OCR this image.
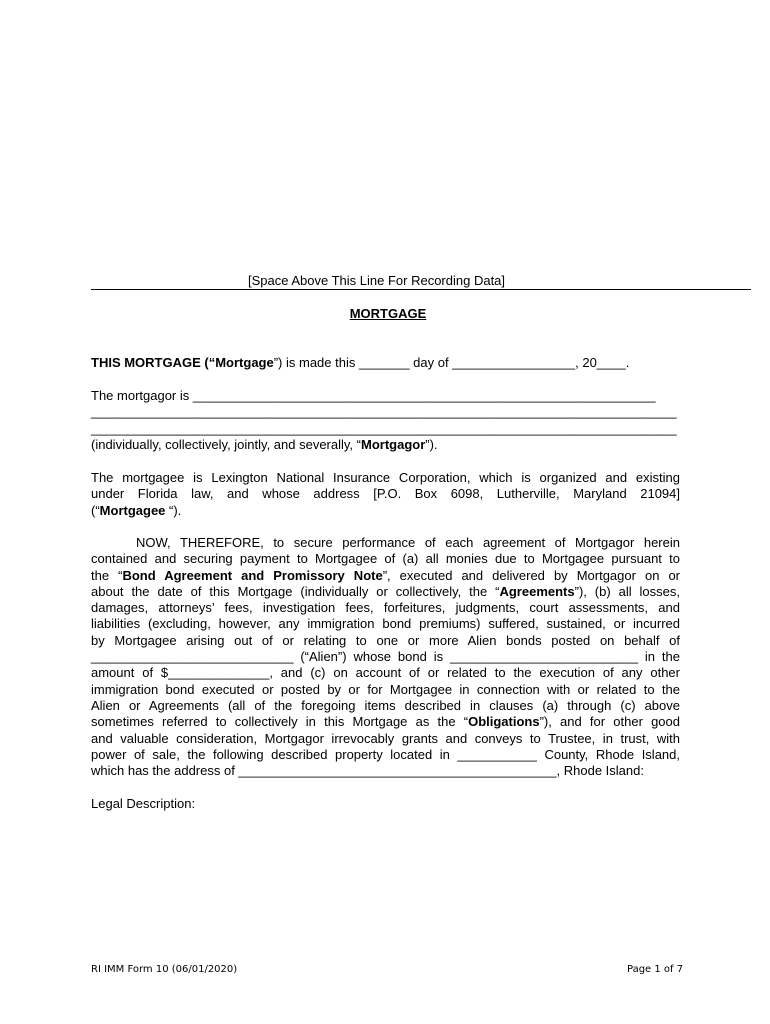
[Space Above This Line For Recording Data]
MORTGAGE
THIS MORTGAGE (“Mortgage”) is made this _______ day of _________________, 20____.
The mortgagor is ________________________________________________________________
_________________________________________________________________________________
_________________________________________________________________________________
(individually, collectively, jointly, and severally, “Mortgagor”).
The mortgagee is Lexington National Insurance Corporation, which is organized and existing
under Florida law, and whose address [P.O. Box 6098, Lutherville, Maryland 21094]
(“Mortgagee “).
NOW, THEREFORE, to secure performance of each agreement of Mortgagor herein
contained and securing payment to Mortgagee of (a) all monies due to Mortgagee pursuant to
the “Bond Agreement and Promissory Note”, executed and delivered by Mortgagor on or
about the date of this Mortgage (individually or collectively, the “Agreements”), (b) all losses,
damages, attorneys’ fees, investigation fees, forfeitures, judgments, court assessments, and
liabilities (excluding, however, any immigration bond premiums) suffered, sustained, or incurred
by Mortgagee arising out of or relating to one or more Alien bonds posted on behalf of
____________________________ (“Alien”) whose bond is __________________________ in the
amount of $______________, and (c) on account of or related to the execution of any other
immigration bond executed or posted by or for Mortgagee in connection with or related to the
Alien or Agreements (all of the foregoing items described in clauses (a) through (c) above
sometimes referred to collectively in this Mortgage as the “Obligations”), and for other good
and valuable consideration, Mortgagor irrevocably grants and conveys to Trustee, in trust, with
power of sale, the following described property located in ___________ County, Rhode Island,
which has the address of ____________________________________________, Rhode Island:
Legal Description:
RI IMM Form 10 (06/01/2020)	Page 1 of 7
